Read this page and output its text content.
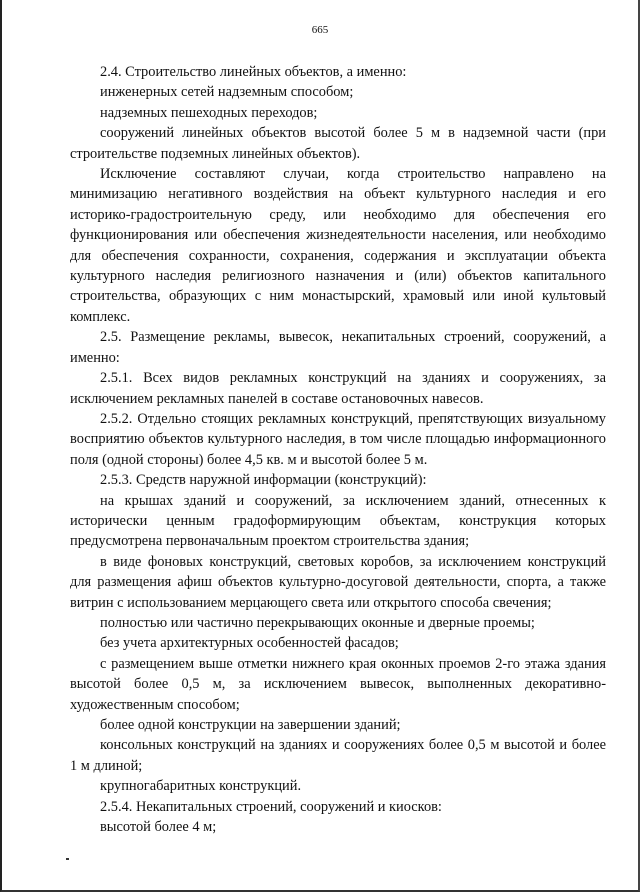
665

2.4. Строительство линейных объектов, а именно:

инженерных сетей надземным способом;

надземных пешеходных переходов;

сооружений линейных объектов высотой более 5 м в надземной части (при строительстве подземных линейных объектов).

Исключение составляют случаи, когда строительство направлено на минимизацию негативного воздействия на объект культурного наследия и его историко-градостроительную среду, или необходимо для обеспечения его функционирования или обеспечения жизнедеятельности населения, или необходимо для обеспечения сохранности, сохранения, содержания и эксплуатации объекта культурного наследия религиозного назначения и (или) объектов капитального строительства, образующих с ним монастырский, храмовый или иной культовый комплекс.

2.5. Размещение рекламы, вывесок, некапитальных строений, сооружений, а именно:

2.5.1. Всех видов рекламных конструкций на зданиях и сооружениях, за исключением рекламных панелей в составе остановочных навесов.

2.5.2. Отдельно стоящих рекламных конструкций, препятствующих визуальному восприятию объектов культурного наследия, в том числе площадью информационного поля (одной стороны) более 4,5 кв. м и высотой более 5 м.

2.5.3. Средств наружной информации (конструкций):

на крышах зданий и сооружений, за исключением зданий, отнесенных к исторически ценным градоформирующим объектам, конструкция которых предусмотрена первоначальным проектом строительства здания;

в виде фоновых конструкций, световых коробов, за исключением конструкций для размещения афиш объектов культурно-досуговой деятельности, спорта, а также витрин с использованием мерцающего света или открытого способа свечения;

полностью или частично перекрывающих оконные и дверные проемы;

без учета архитектурных особенностей фасадов;

с размещением выше отметки нижнего края оконных проемов 2-го этажа здания высотой более 0,5 м, за исключением вывесок, выполненных декоративно-художественным способом;

более одной конструкции на завершении зданий;

консольных конструкций на зданиях и сооружениях более 0,5 м высотой и более 1 м длиной;

крупногабаритных конструкций.

2.5.4. Некапитальных строений, сооружений и киосков:

высотой более 4 м;
